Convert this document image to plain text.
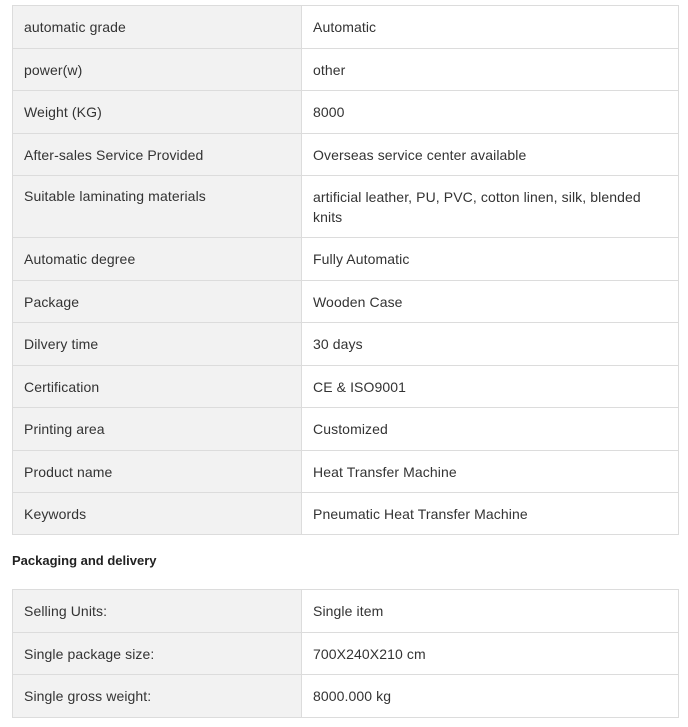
automatic grade	Automatic
power(w)	other
Weight (KG)	8000
After-sales Service Provided	Overseas service center available
Suitable laminating materials	artificial leather, PU, PVC, cotton linen, silk, blended knits
Automatic degree	Fully Automatic
Package	Wooden Case
Dilvery time	30 days
Certification	CE & ISO9001
Printing area	Customized
Product name	Heat Transfer Machine
Keywords	Pneumatic Heat Transfer Machine
Packaging and delivery
Selling Units:	Single item
Single package size:	700X240X210 cm
Single gross weight:	8000.000 kg
